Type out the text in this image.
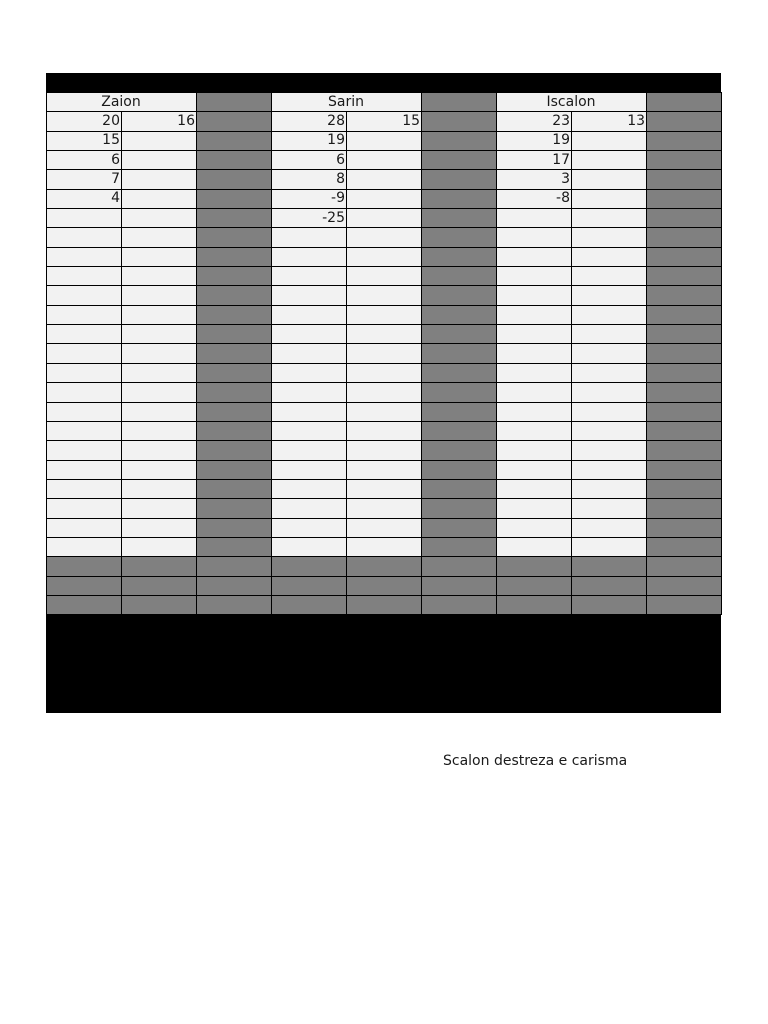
Zaion			Sarin			Iscalon		
20	16		28	15		23	13	
15			19			19		
6			6			17		
7			8			3		
4			-9			-8		
			-25					

Scalon destreza e carisma
